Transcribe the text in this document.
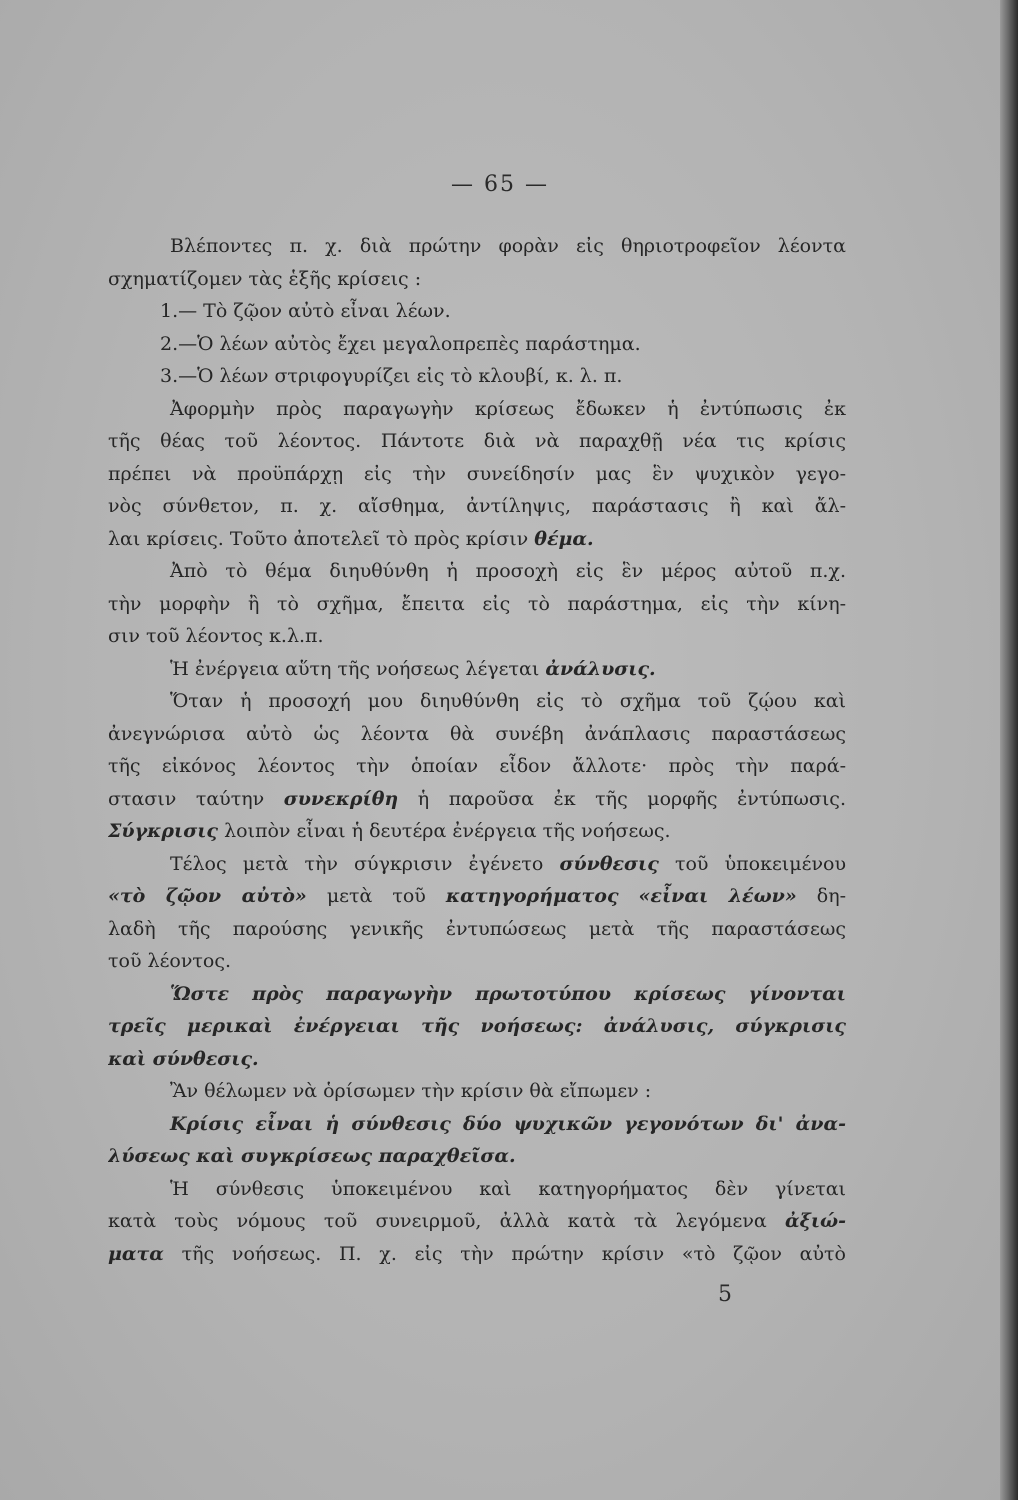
— 65 —
Βλέποντες π. χ. διὰ πρώτην φορὰν εἰς θηριοτροφεῖον λέοντα
σχηματίζομεν τὰς ἑξῆς κρίσεις :
1.— Τὸ ζῷον αὐτὸ εἶναι λέων.
2.—Ὁ λέων αὐτὸς ἔχει μεγαλοπρεπὲς παράστημα.
3.—Ὁ λέων στριφογυρίζει εἰς τὸ κλουβί, κ. λ. π.
Ἀφορμὴν πρὸς παραγωγὴν κρίσεως ἔδωκεν ἡ ἐντύπωσις ἐκ
τῆς θέας τοῦ λέοντος. Πάντοτε διὰ νὰ παραχθῇ νέα τις κρίσις
πρέπει νὰ προϋπάρχῃ εἰς τὴν συνείδησίν μας ἓν ψυχικὸν γεγο-
νὸς σύνθετον, π. χ. αἴσθημα, ἀντίληψις, παράστασις ἢ καὶ ἄλ-
λαι κρίσεις. Τοῦτο ἀποτελεῖ τὸ πρὸς κρίσιν θέμα.
Ἀπὸ τὸ θέμα διηυθύνθη ἡ προσοχὴ εἰς ἓν μέρος αὐτοῦ π.χ.
τὴν μορφὴν ἢ τὸ σχῆμα, ἔπειτα εἰς τὸ παράστημα, εἰς τὴν κίνη-
σιν τοῦ λέοντος κ.λ.π.
Ἡ ἐνέργεια αὕτη τῆς νοήσεως λέγεται ἀνάλυσις.
Ὅταν ἡ προσοχή μου διηυθύνθη εἰς τὸ σχῆμα τοῦ ζῴου καὶ
ἀνεγνώρισα αὐτὸ ὡς λέοντα θὰ συνέβη ἀνάπλασις παραστάσεως
τῆς εἰκόνος λέοντος τὴν ὁποίαν εἶδον ἄλλοτε· πρὸς τὴν παρά-
στασιν ταύτην συνεκρίθη ἡ παροῦσα ἐκ τῆς μορφῆς ἐντύπωσις.
Σύγκρισις λοιπὸν εἶναι ἡ δευτέρα ἐνέργεια τῆς νοήσεως.
Τέλος μετὰ τὴν σύγκρισιν ἐγένετο σύνθεσις τοῦ ὑποκειμένου
«τὸ ζῷον αὐτὸ» μετὰ τοῦ κατηγορήματος «εἶναι λέων» δη-
λαδὴ τῆς παρούσης γενικῆς ἐντυπώσεως μετὰ τῆς παραστάσεως
τοῦ λέοντος.
Ὥστε πρὸς παραγωγὴν πρωτοτύπου κρίσεως γίνονται
τρεῖς μερικαὶ ἐνέργειαι τῆς νοήσεως: ἀνάλυσις, σύγκρισις
καὶ σύνθεσις.
Ἂν θέλωμεν νὰ ὁρίσωμεν τὴν κρίσιν θὰ εἴπωμεν :
Κρίσις εἶναι ἡ σύνθεσις δύο ψυχικῶν γεγονότων δι' ἀνα-
λύσεως καὶ συγκρίσεως παραχθεῖσα.
Ἡ σύνθεσις ὑποκειμένου καὶ κατηγορήματος δὲν γίνεται
κατὰ τοὺς νόμους τοῦ συνειρμοῦ, ἀλλὰ κατὰ τὰ λεγόμενα ἀξιώ-
ματα τῆς νοήσεως. Π. χ. εἰς τὴν πρώτην κρίσιν «τὸ ζῷον αὐτὸ
5
